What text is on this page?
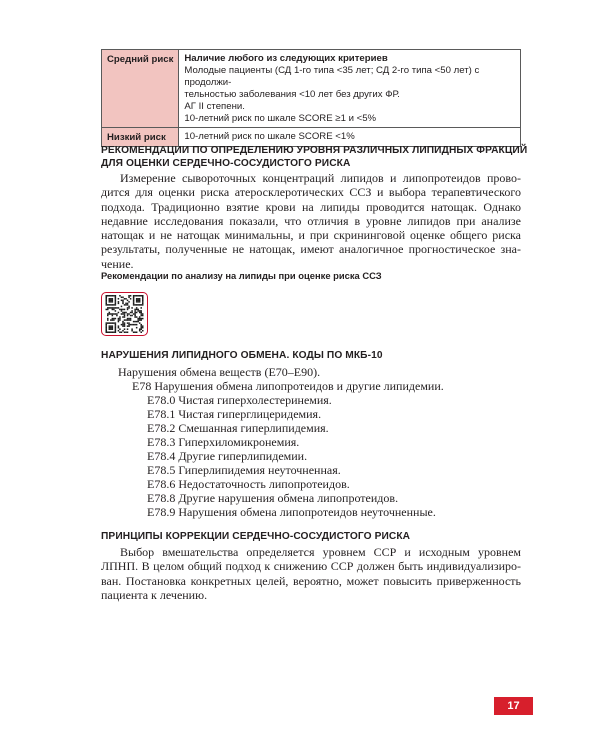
Средний риск	Наличие любого из следующих критериев
Молодые пациенты (СД 1-го типа <35 лет; СД 2-го типа <50 лет) с продолжи-
тельностью заболевания <10 лет без других ФР.
АГ II степени.
10-летний риск по шкале SCORE ≥1 и <5%

Низкий риск	10-летний риск по шкале SCORE <1%
РЕКОМЕНДАЦИИ ПО ОПРЕДЕЛЕНИЮ УРОВНЯ РАЗЛИЧНЫХ ЛИПИДНЫХ ФРАКЦИЙ
ДЛЯ ОЦЕНКИ СЕРДЕЧНО-СОСУДИСТОГО РИСКА
Измерение сывороточных концентраций липидов и липопротеидов прово-
дится для оценки риска атеросклеротических ССЗ и выбора терапевтического
подхода. Традиционно взятие крови на липиды проводится натощак. Однако
недавние исследования показали, что отличия в уровне липидов при анализе
натощак и не натощак минимальны, и при скрининговой оценке общего риска
результаты, полученные не натощак, имеют аналогичное прогностическое зна-
чение.
Рекомендации по анализу на липиды при оценке риска ССЗ
НАРУШЕНИЯ ЛИПИДНОГО ОБМЕНА. КОДЫ ПО МКБ-10
Нарушения обмена веществ (E70–E90).
E78 Нарушения обмена липопротеидов и другие липидемии.
E78.0 Чистая гиперхолестеринемия.
E78.1 Чистая гиперглицеридемия.
E78.2 Смешанная гиперлипидемия.
E78.3 Гиперхиломикронемия.
E78.4 Другие гиперлипидемии.
E78.5 Гиперлипидемия неуточненная.
E78.6 Недостаточность липопротеидов.
E78.8 Другие нарушения обмена липопротеидов.
E78.9 Нарушения обмена липопротеидов неуточненные.
ПРИНЦИПЫ КОРРЕКЦИИ СЕРДЕЧНО-СОСУДИСТОГО РИСКА
Выбор вмешательства определяется уровнем ССР и исходным уровнем
ЛПНП. В целом общий подход к снижению ССР должен быть индивидуализиро-
ван. Постановка конкретных целей, вероятно, может повысить приверженность
пациента к лечению.
17
